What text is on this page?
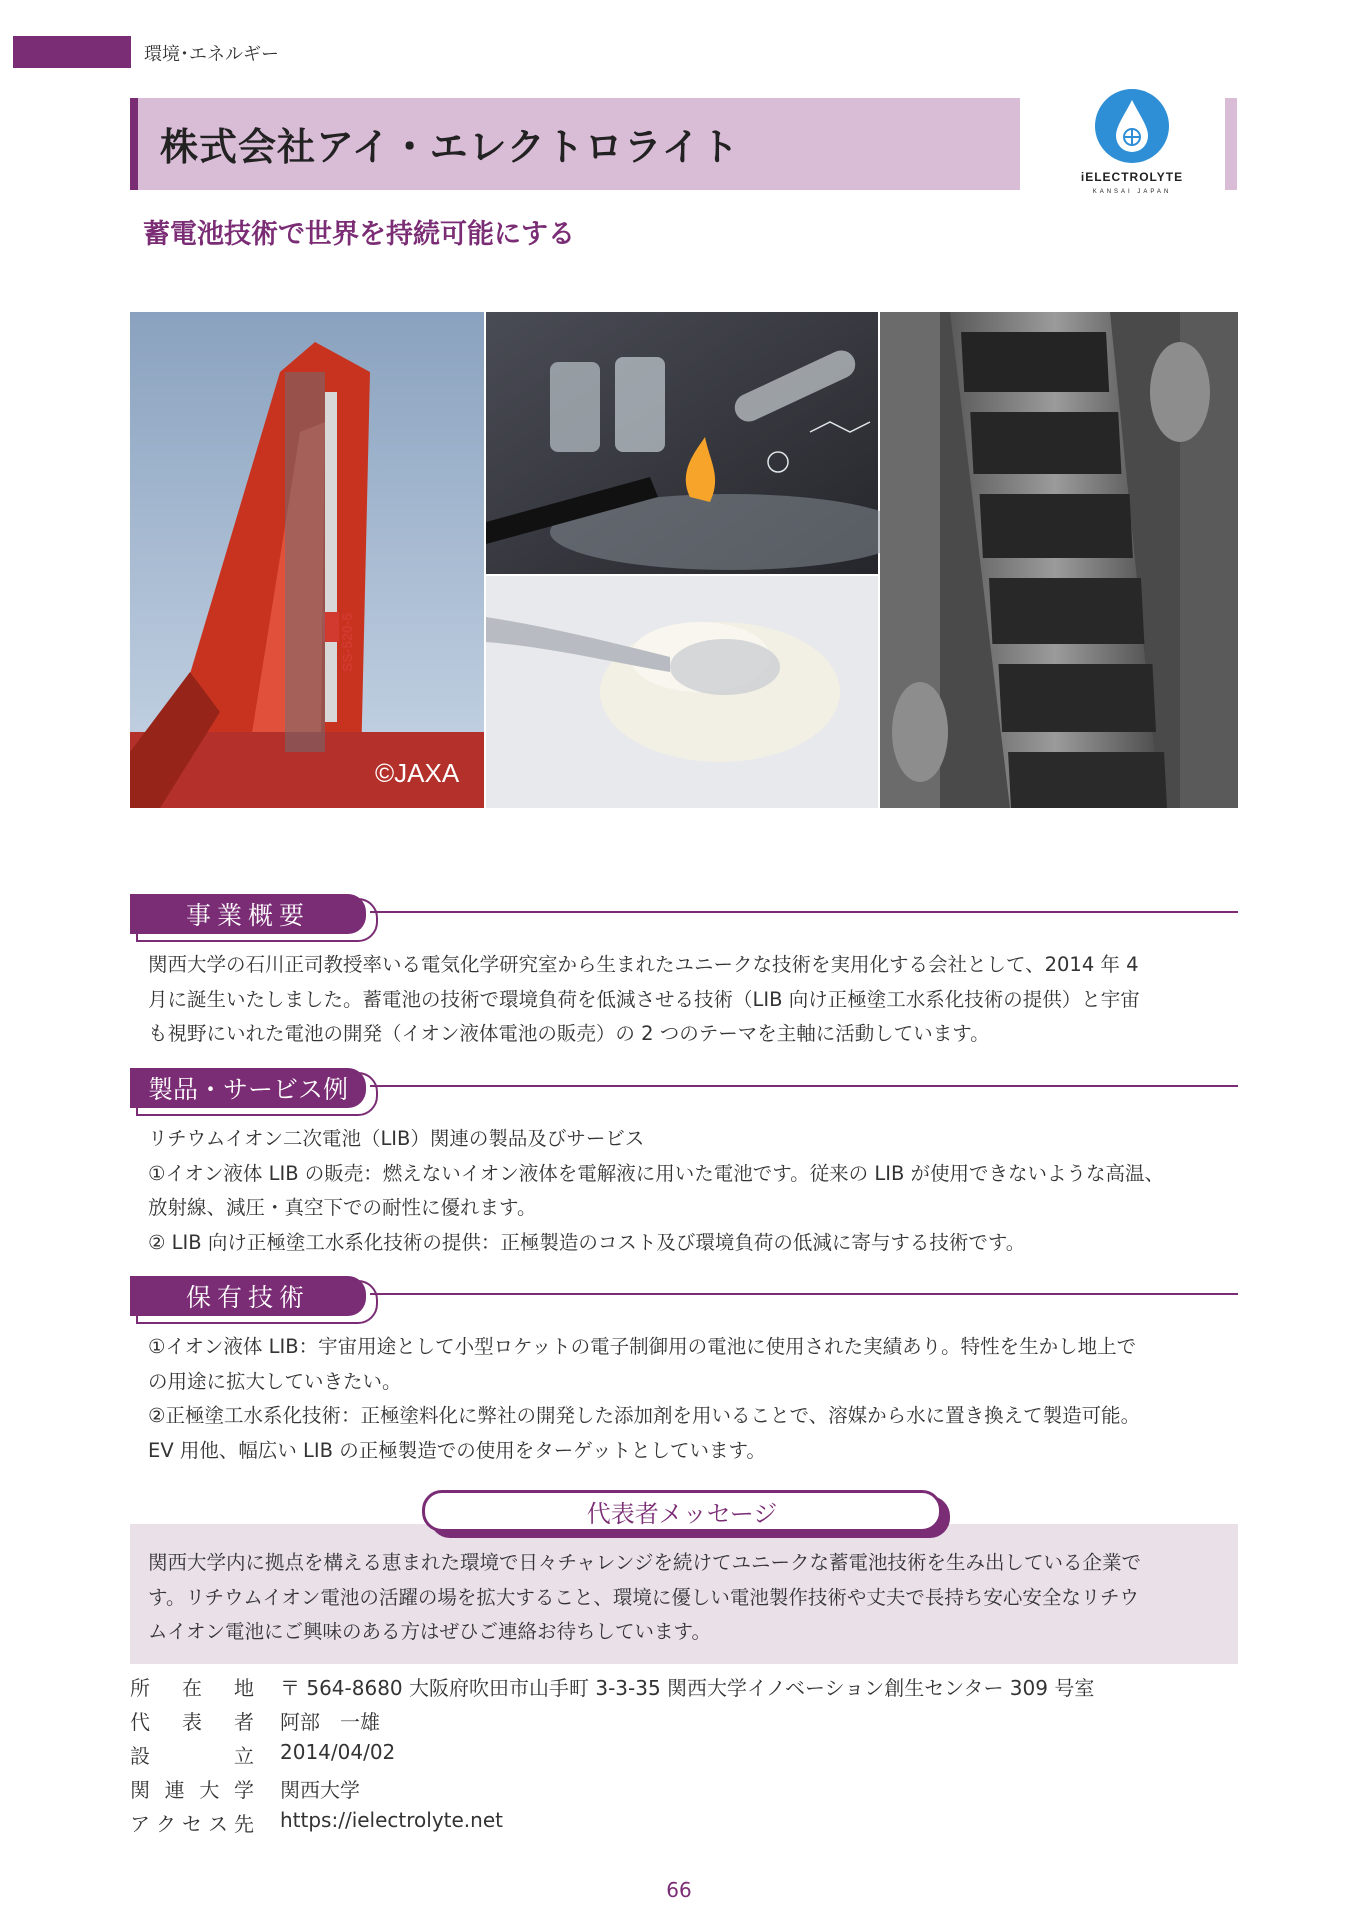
環境･エネルギー
株式会社アイ・エレクトロライト
iELECTROLYTE
KANSAI JAPAN
蓄電池技術で世界を持続可能にする
SS-520-5
©JAXA
事業概要

関西大学の石川正司教授率いる電気化学研究室から生まれたユニークな技術を実用化する会社として、2014 年 4

月に誕生いたしました。蓄電池の技術で環境負荷を低減させる技術（LIB 向け正極塗工水系化技術の提供）と宇宙

も視野にいれた電池の開発（イオン液体電池の販売）の 2 つのテーマを主軸に活動しています。

製品・サービス例

リチウムイオン二次電池（LIB）関連の製品及びサービス

①イオン液体 LIB の販売：燃えないイオン液体を電解液に用いた電池です。従来の LIB が使用できないような高温、

放射線、減圧・真空下での耐性に優れます。

② LIB 向け正極塗工水系化技術の提供：正極製造のコスト及び環境負荷の低減に寄与する技術です。

保有技術

①イオン液体 LIB：宇宙用途として小型ロケットの電子制御用の電池に使用された実績あり。特性を生かし地上で

の用途に拡大していきたい。

②正極塗工水系化技術：正極塗料化に弊社の開発した添加剤を用いることで、溶媒から水に置き換えて製造可能。

EV 用他、幅広い LIB の正極製造での使用をターゲットとしています。

代表者メッセージ

関西大学内に拠点を構える恵まれた環境で日々チャレンジを続けてユニークな蓄電池技術を生み出している企業で

す。リチウムイオン電池の活躍の場を拡大すること、環境に優しい電池製作技術や丈夫で長持ち安心安全なリチウ

ムイオン電池にご興味のある方はぜひご連絡お待ちしています。

所 在 地 〒 564-8680 大阪府吹田市山手町 3-3-35 関西大学イノベーション創生センター 309 号室
代 表 者 阿部　一雄
設	立 2014/04/02
関 連 大 学 関西大学
ア ク セ ス 先 https://ielectrolyte.net
66
